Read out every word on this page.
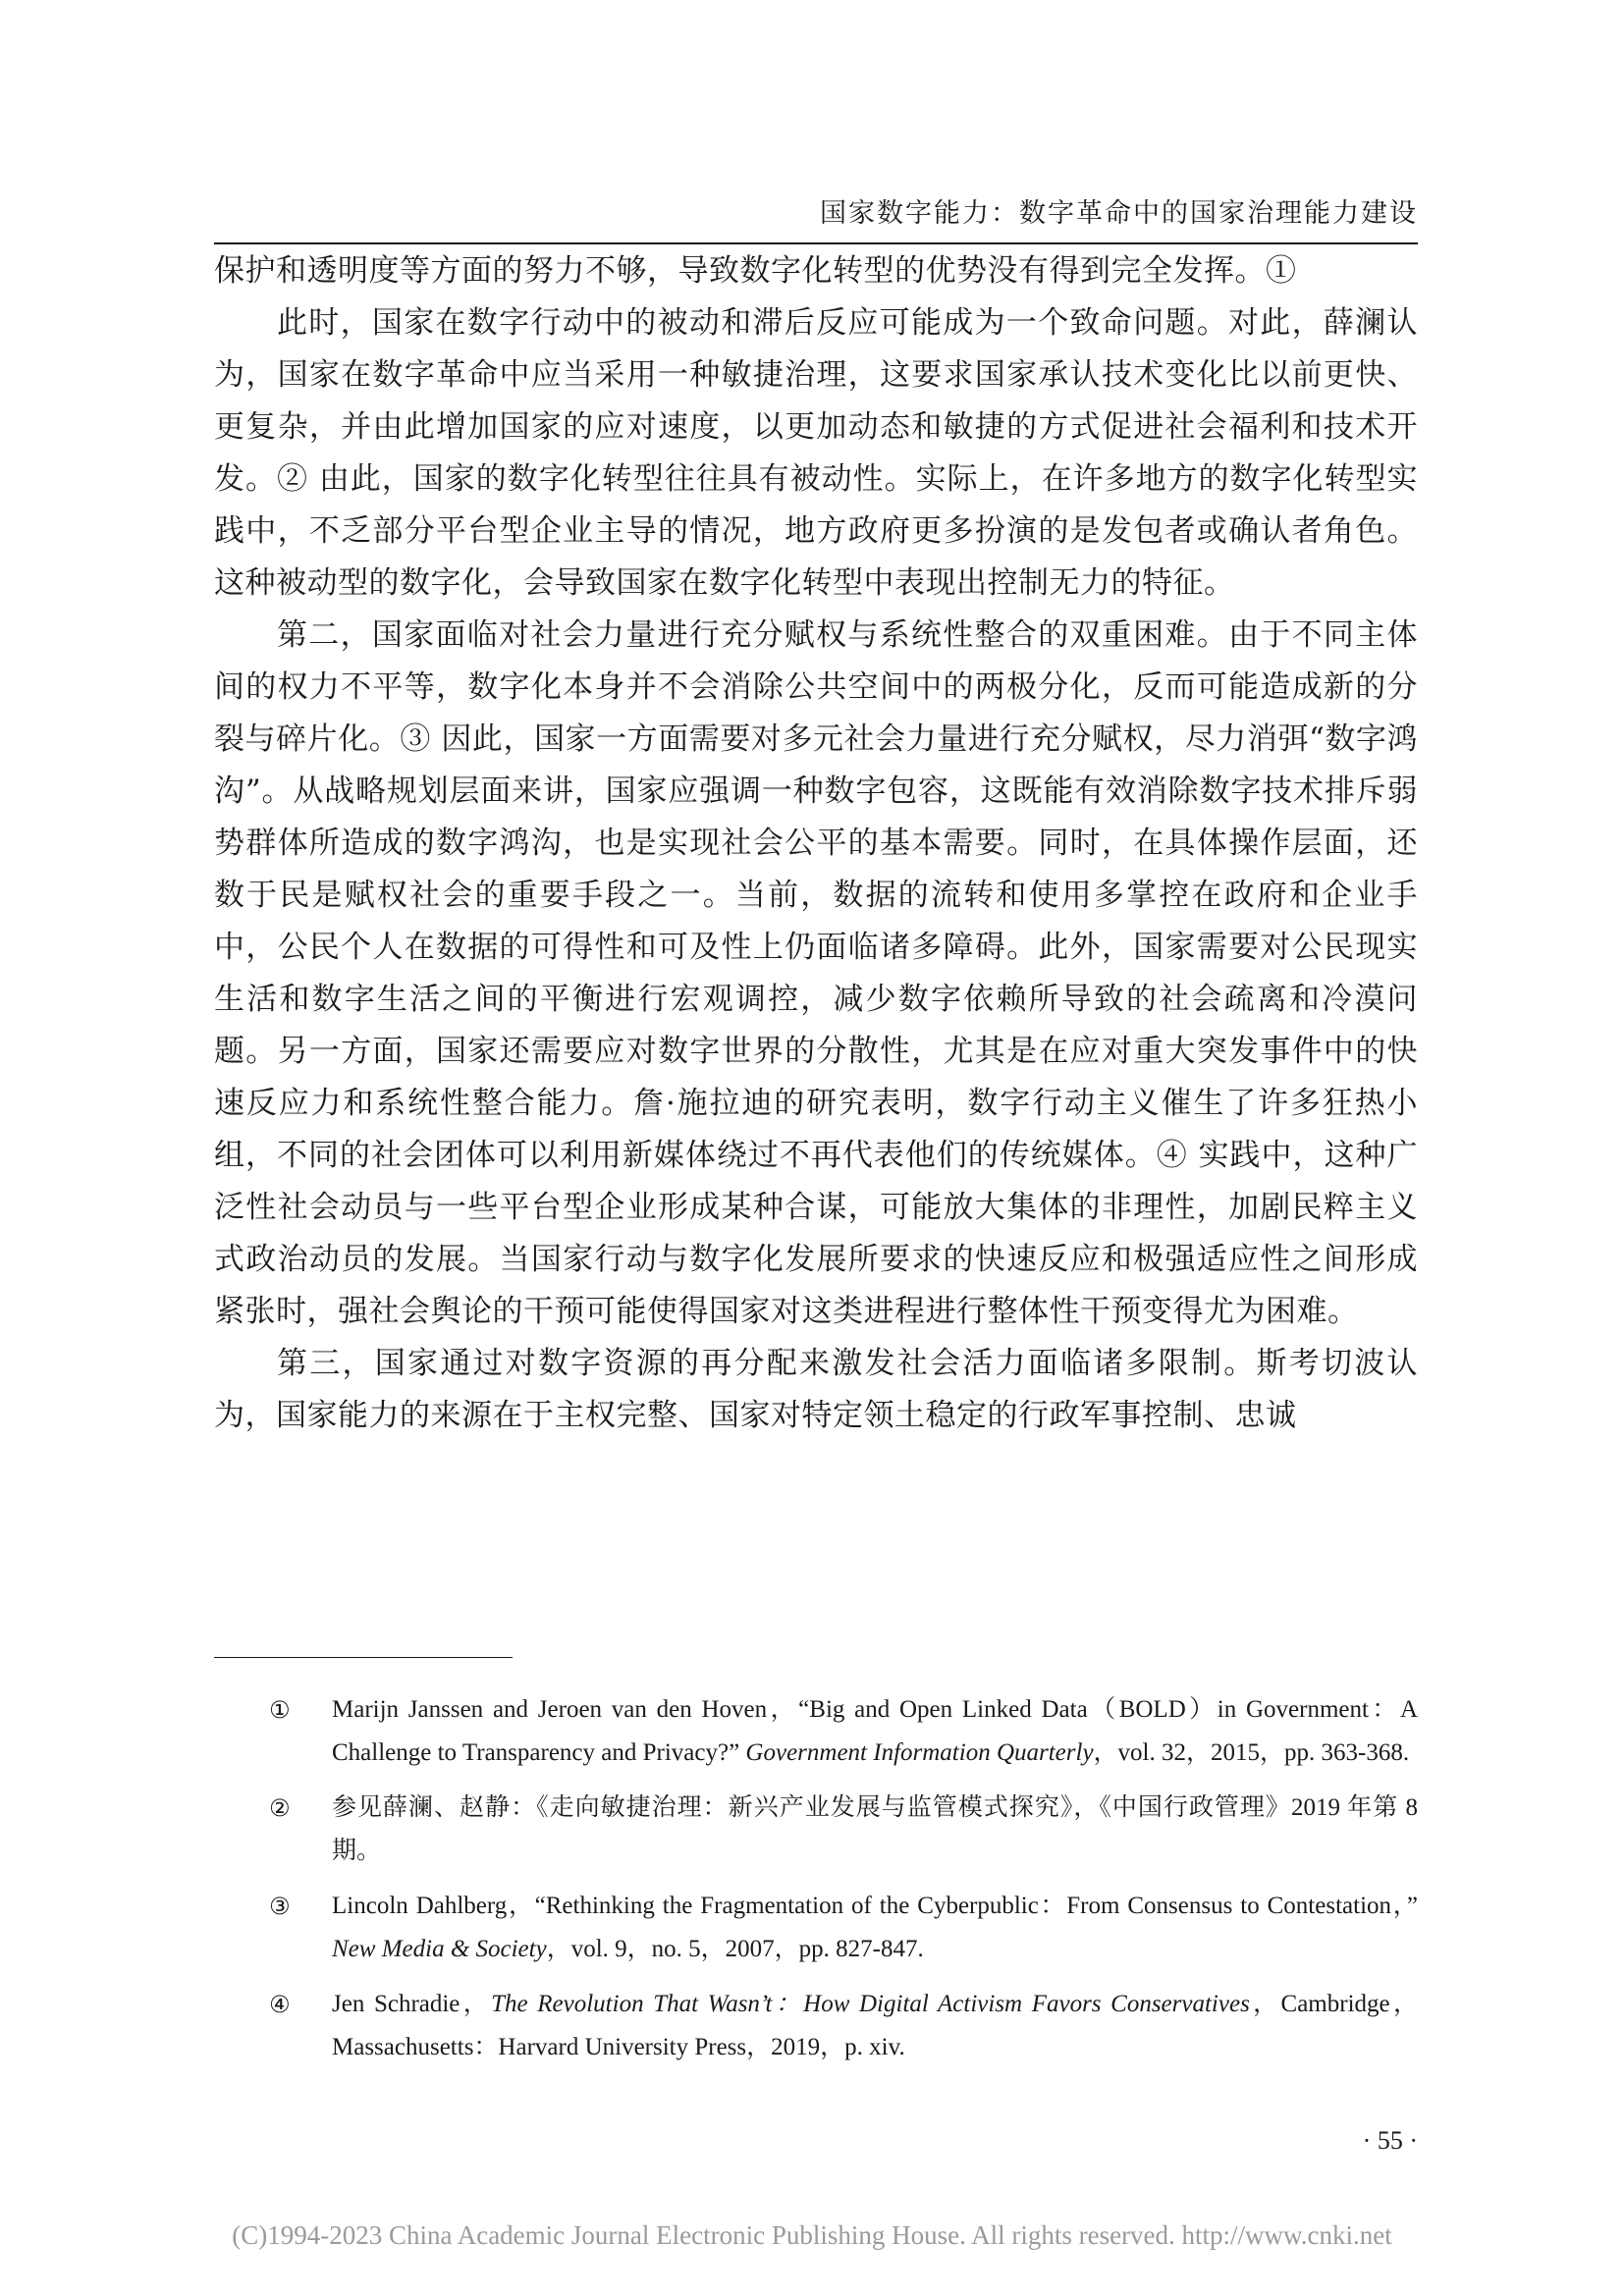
国家数字能力：数字革命中的国家治理能力建设

保护和透明度等方面的努力不够，导致数字化转型的优势没有得到完全发挥。①

此时，国家在数字行动中的被动和滞后反应可能成为一个致命问题。对此，薛澜认为，国家在数字革命中应当采用一种敏捷治理，这要求国家承认技术变化比以前更快、更复杂，并由此增加国家的应对速度，以更加动态和敏捷的方式促进社会福利和技术开发。② 由此，国家的数字化转型往往具有被动性。实际上，在许多地方的数字化转型实践中，不乏部分平台型企业主导的情况，地方政府更多扮演的是发包者或确认者角色。这种被动型的数字化，会导致国家在数字化转型中表现出控制无力的特征。

第二，国家面临对社会力量进行充分赋权与系统性整合的双重困难。由于不同主体间的权力不平等，数字化本身并不会消除公共空间中的两极分化，反而可能造成新的分裂与碎片化。③ 因此，国家一方面需要对多元社会力量进行充分赋权，尽力消弭“数字鸿沟”。从战略规划层面来讲，国家应强调一种数字包容，这既能有效消除数字技术排斥弱势群体所造成的数字鸿沟，也是实现社会公平的基本需要。同时，在具体操作层面，还数于民是赋权社会的重要手段之一。当前，数据的流转和使用多掌控在政府和企业手中，公民个人在数据的可得性和可及性上仍面临诸多障碍。此外，国家需要对公民现实生活和数字生活之间的平衡进行宏观调控，减少数字依赖所导致的社会疏离和冷漠问题。另一方面，国家还需要应对数字世界的分散性，尤其是在应对重大突发事件中的快速反应力和系统性整合能力。詹·施拉迪的研究表明，数字行动主义催生了许多狂热小组，不同的社会团体可以利用新媒体绕过不再代表他们的传统媒体。④ 实践中，这种广泛性社会动员与一些平台型企业形成某种合谋，可能放大集体的非理性，加剧民粹主义式政治动员的发展。当国家行动与数字化发展所要求的快速反应和极强适应性之间形成紧张时，强社会舆论的干预可能使得国家对这类进程进行整体性干预变得尤为困难。

第三，国家通过对数字资源的再分配来激发社会活力面临诸多限制。斯考切波认为，国家能力的来源在于主权完整、国家对特定领土稳定的行政军事控制、忠诚

① Marijn Janssen and Jeroen van den Hoven，“Big and Open Linked Data（BOLD）in Government：A Challenge to Transparency and Privacy?” Government Information Quarterly，vol. 32，2015，pp. 363-368.
② 参见薛澜、赵静：《走向敏捷治理：新兴产业发展与监管模式探究》，《中国行政管理》2019 年第 8 期。
③ Lincoln Dahlberg，“Rethinking the Fragmentation of the Cyberpublic：From Consensus to Contestation，” New Media & Society，vol. 9，no. 5，2007，pp. 827-847.
④ Jen Schradie，The Revolution That Wasn’t：How Digital Activism Favors Conservatives，Cambridge，Massachusetts：Harvard University Press，2019，p. xiv.
· 55 ·
(C)1994-2023 China Academic Journal Electronic Publishing House. All rights reserved. http://www.cnki.net
